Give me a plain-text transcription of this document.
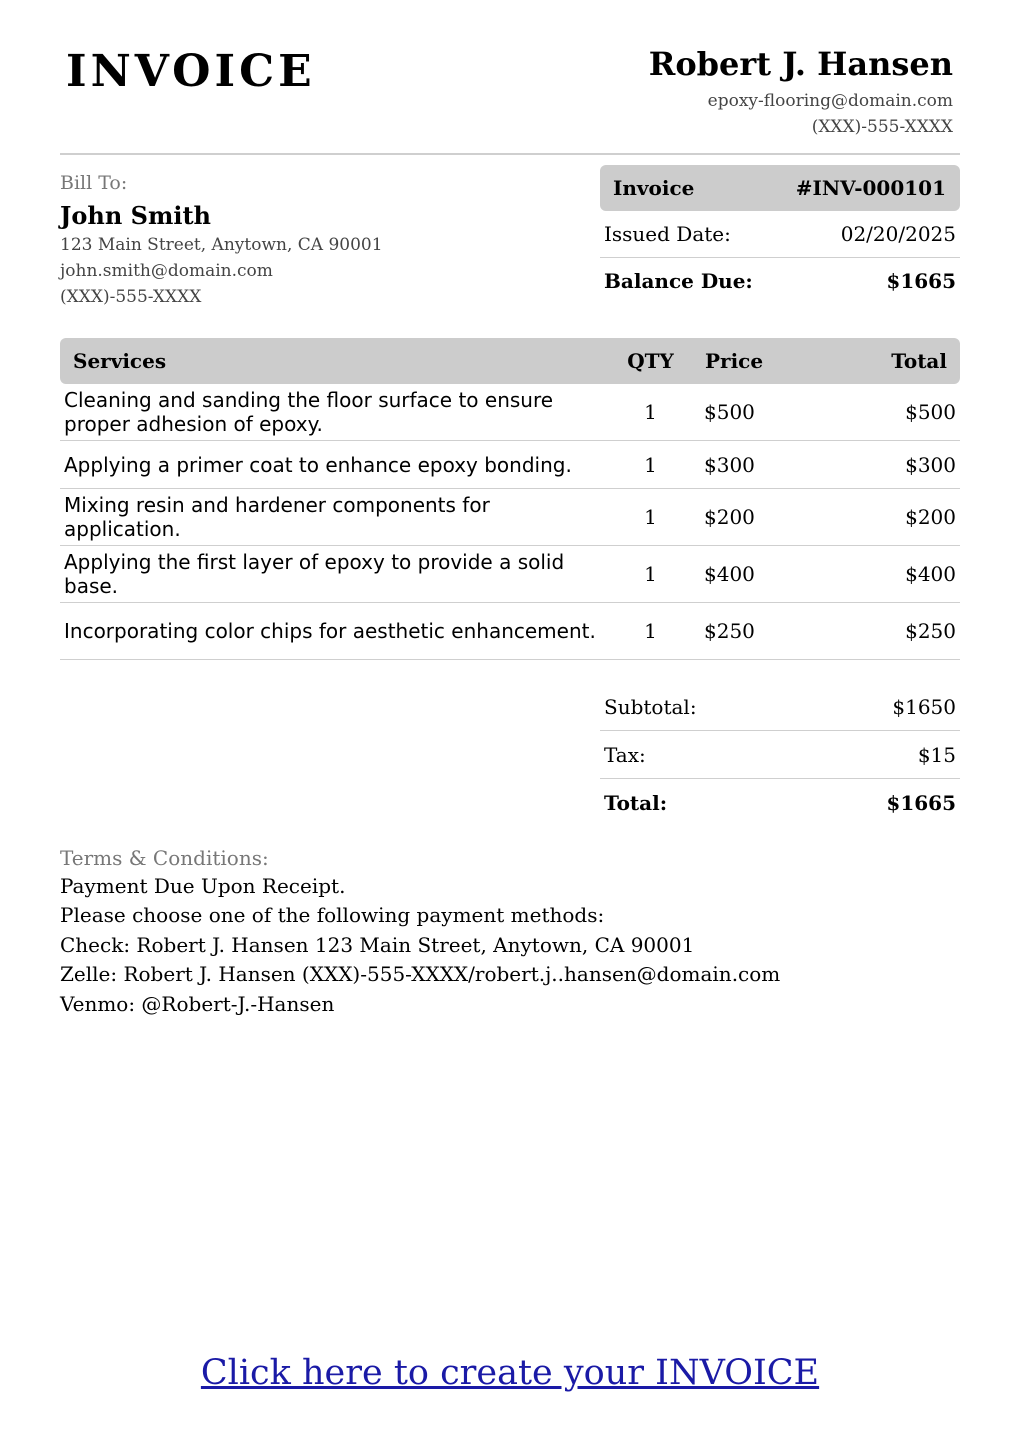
INVOICE	Robert J. Hansen
epoxy-flooring@domain.com
(XXX)-555-XXXX
Bill To:
John Smith
123 Main Street, Anytown, CA 90001
john.smith@domain.com
(XXX)-555-XXXX
Invoice	#INV-000101
Issued Date:	02/20/2025
Balance Due:	$1665
Services	QTY	Price	Total
Cleaning and sanding the floor surface to ensure proper adhesion of epoxy.	1	$500	$500
Applying a primer coat to enhance epoxy bonding.	1	$300	$300
Mixing resin and hardener components for application.	1	$200	$200
Applying the first layer of epoxy to provide a solid base.	1	$400	$400
Incorporating color chips for aesthetic enhancement.	1	$250	$250
Subtotal:	$1650
Tax:	$15
Total:	$1665
Terms & Conditions:
Payment Due Upon Receipt.
Please choose one of the following payment methods:
Check: Robert J. Hansen 123 Main Street, Anytown, CA 90001
Zelle: Robert J. Hansen (XXX)-555-XXXX/robert.j..hansen@domain.com
Venmo: @Robert-J.-Hansen
Click here to create your INVOICE
